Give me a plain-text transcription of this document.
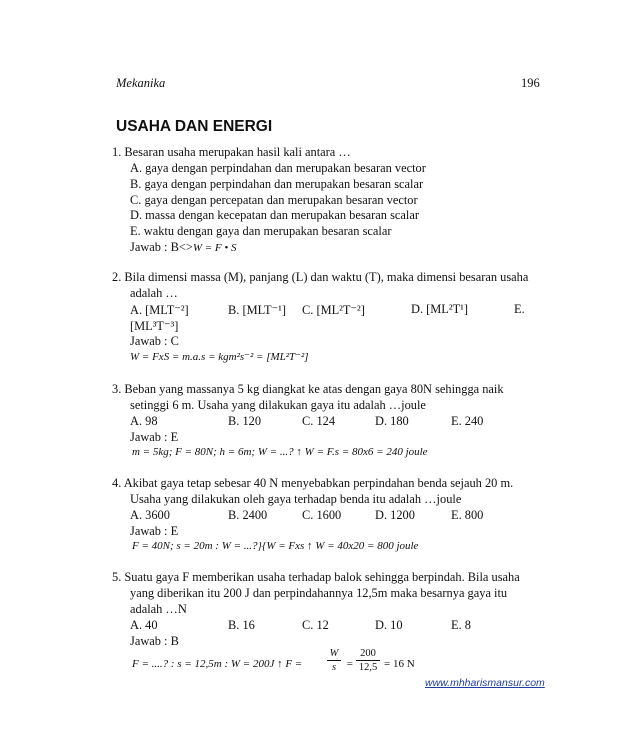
Mekanika	196
USAHA DAN ENERGI
1. Besaran usaha merupakan hasil kali antara …
A. gaya dengan perpindahan dan merupakan besaran vector
B. gaya dengan perpindahan dan merupakan besaran scalar
C. gaya dengan percepatan dan merupakan besaran vector
D. massa dengan kecepatan dan merupakan besaran scalar
E. waktu dengan gaya dan merupakan besaran scalar
Jawab : B<>W = F • S
2. Bila dimensi massa (M), panjang (L) dan waktu (T), maka dimensi besaran usaha
adalah …
A. [MLT⁻²]	B. [MLT⁻¹] C. [ML²T⁻²]	D. [ML²T¹]	E.
[ML³T⁻³]
Jawab : C
W = FxS = m.a.s = kgm²s⁻² = [ML²T⁻²]
3. Beban yang massanya 5 kg diangkat ke atas dengan gaya 80N sehingga naik
setinggi 6 m. Usaha yang dilakukan gaya itu adalah …joule
A. 98	B. 120	C. 124	D. 180	E. 240
Jawab : E
m = 5kg; F = 80N; h = 6m; W = ...? ↑ W = F.s = 80x6 = 240 joule
4. Akibat gaya tetap sebesar 40 N menyebabkan perpindahan benda sejauh 20 m.
Usaha yang dilakukan oleh gaya terhadap benda itu adalah …joule
A. 3600	B. 2400	C. 1600	D. 1200	E. 800
Jawab : E
F = 40N; s = 20m : W = ...?}{W = Fxs ↑ W = 40x20 = 800 joule
5. Suatu gaya F memberikan usaha terhadap balok sehingga berpindah. Bila usaha
yang diberikan itu 200 J dan perpindahannya 12,5m maka besarnya gaya itu
adalah …N
A. 40	B. 16	C. 12	D. 10	E. 8
Jawab : B
F = ....? : s = 12,5m : W = 200J ↑ F =
W
s =
200
12,5 = 16 N
www.mhharismansur.com
